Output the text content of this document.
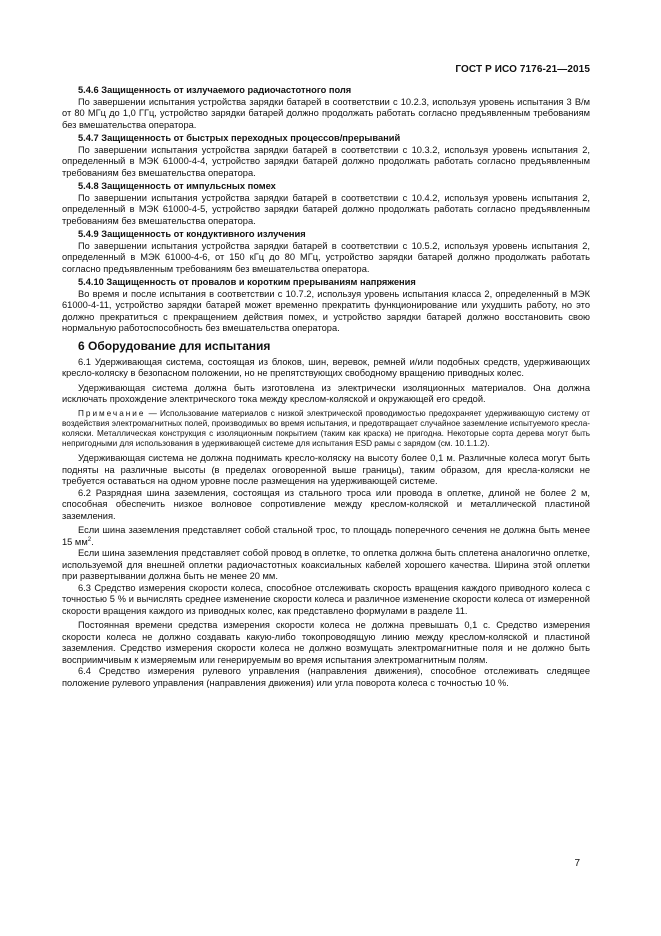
ГОСТ Р ИСО 7176-21—2015

5.4.6 Защищенность от излучаемого радиочастотного поля

По завершении испытания устройства зарядки батарей в соответствии с 10.2.3, используя уровень испытания 3 В/м от 80 МГц до 1,0 ГГц, устройство зарядки батарей должно продолжать работать согласно предъявленным требованиям без вмешательства оператора.

5.4.7 Защищенность от быстрых переходных процессов/прерываний

По завершении испытания устройства зарядки батарей в соответствии с 10.3.2, используя уровень испытания 2, определенный в МЭК 61000-4-4, устройство зарядки батарей должно продолжать работать согласно предъявленным требованиям без вмешательства оператора.

5.4.8 Защищенность от импульсных помех

По завершении испытания устройства зарядки батарей в соответствии с 10.4.2, используя уровень испытания 2, определенный в МЭК 61000-4-5, устройство зарядки батарей должно продолжать работать согласно предъявленным требованиям без вмешательства оператора.

5.4.9 Защищенность от кондуктивного излучения

По завершении испытания устройства зарядки батарей в соответствии с 10.5.2, используя уровень испытания 2, определенный в МЭК 61000-4-6, от 150 кГц до 80 МГц, устройство зарядки батарей должно продолжать работать согласно предъявленным требованиям без вмешательства оператора.

5.4.10 Защищенность от провалов и коротким прерываниям напряжения

Во время и после испытания в соответствии с 10.7.2, используя уровень испытания класса 2, определенный в МЭК 61000-4-11, устройство зарядки батарей может временно прекратить функционирование или ухудшить работу, но это должно прекратиться с прекращением действия помех, и устройство зарядки батарей должно восстановить свою нормальную работоспособность без вмешательства оператора.

6 Оборудование для испытания

6.1 Удерживающая система, состоящая из блоков, шин, веревок, ремней и/или подобных средств, удерживающих кресло-коляску в безопасном положении, но не препятствующих свободному вращению приводных колес.

Удерживающая система должна быть изготовлена из электрически изоляционных материалов. Она должна исключать прохождение электрического тока между креслом-коляской и окружающей его средой.

Примечание — Использование материалов с низкой электрической проводимостью предохраняет удерживающую систему от воздействия электромагнитных полей, производимых во время испытания, и предотвращает случайное заземление испытуемого кресла-коляски. Металлическая конструкция с изоляционным покрытием (таким как краска) не пригодна. Некоторые сорта дерева могут быть непригодными для использования в удерживающей системе для испытания ESD рамы с зарядом (см. 10.1.1.2).

Удерживающая система не должна поднимать кресло-коляску на высоту более 0,1 м. Различные колеса могут быть подняты на различные высоты (в пределах оговоренной выше границы), таким образом, для кресла-коляски не требуется оставаться на одном уровне после размещения на удерживающей системе.

6.2 Разрядная шина заземления, состоящая из стального троса или провода в оплетке, длиной не более 2 м, способная обеспечить низкое волновое сопротивление между креслом-коляской и металлической пластиной заземления.

Если шина заземления представляет собой стальной трос, то площадь поперечного сечения не должна быть менее 15 $мм^2$.

Если шина заземления представляет собой провод в оплетке, то оплетка должна быть сплетена аналогично оплетке, используемой для внешней оплетки радиочастотных коаксиальных кабелей хорошего качества. Ширина этой оплетки при развертывании должна быть не менее 20 мм.

6.3 Средство измерения скорости колеса, способное отслеживать скорость вращения каждого приводного колеса с точностью 5 % и вычислять среднее изменение скорости колеса и различное изменение скорости колеса от измеренной скорости вращения каждого из приводных колес, как представлено формулами в разделе 11.

Постоянная времени средства измерения скорости колеса не должна превышать 0,1 с. Средство измерения скорости колеса не должно создавать какую-либо токопроводящую линию между креслом-коляской и пластиной заземления. Средство измерения скорости колеса не должно возмущать электромагнитные поля и не должно быть восприимчивым к измеряемым или генерируемым во время испытания электромагнитным полям.

6.4 Средство измерения рулевого управления (направления движения), способное отслеживать следящее положение рулевого управления (направления движения) или угла поворота колеса с точностью 10 %.

7
